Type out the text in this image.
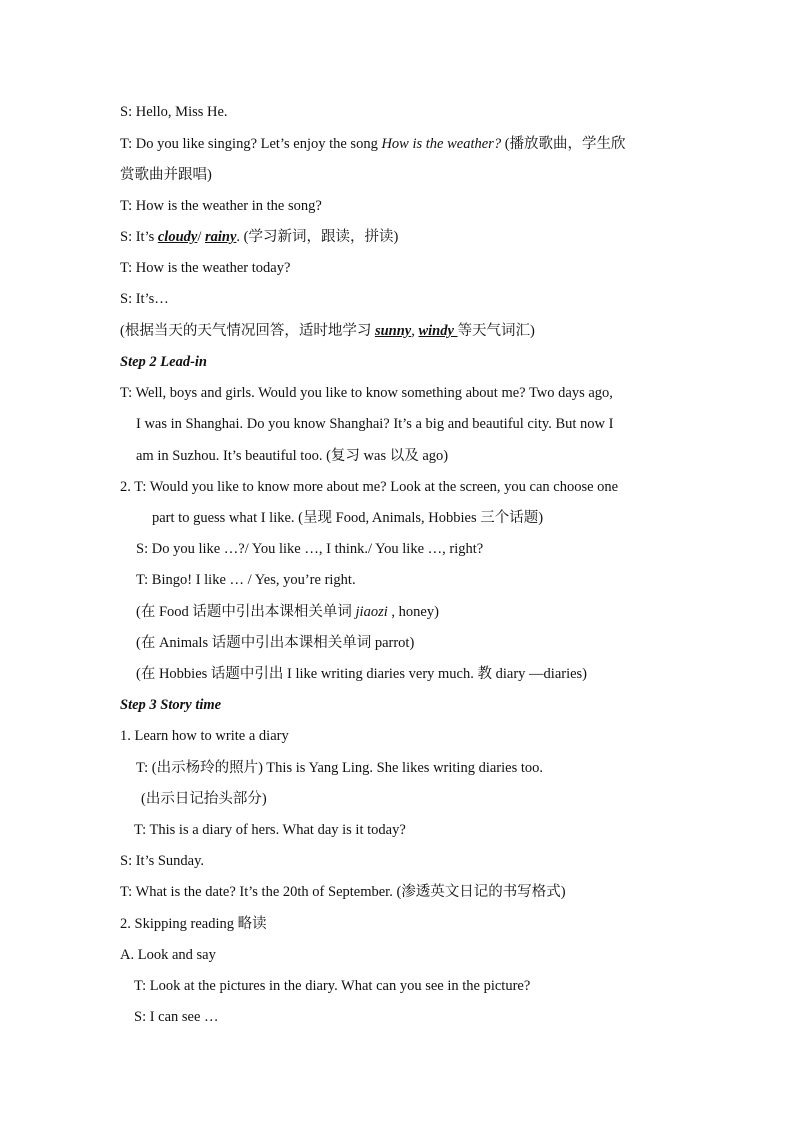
S: Hello, Miss He.
T: Do you like singing? Let’s enjoy the song How is the weather? (播放歌曲，学生欣
赏歌曲并跟唱)
T: How is the weather in the song?
S: It’s cloudy/ rainy. (学习新词，跟读，拼读)
T: How is the weather today?
S: It’s…
(根据当天的天气情况回答，适时地学习 sunny, windy 等天气词汇)
Step 2 Lead-in
T: Well, boys and girls. Would you like to know something about me? Two days ago,
I was in Shanghai. Do you know Shanghai? It’s a big and beautiful city. But now I
am in Suzhou. It’s beautiful too. (复习 was 以及 ago)
2. T: Would you like to know more about me? Look at the screen, you can choose one
part to guess what I like. (呈现 Food, Animals, Hobbies 三个话题)
S: Do you like …?/ You like …, I think./ You like …, right?
T: Bingo! I like … / Yes, you’re right.
(在 Food 话题中引出本课相关单词 jiaozi , honey)
(在 Animals 话题中引出本课相关单词 parrot)
(在 Hobbies 话题中引出 I like writing diaries very much. 教 diary —diaries)
Step 3 Story time
1. Learn how to write a diary
T: (出示杨玲的照片) This is Yang Ling. She likes writing diaries too.
(出示日记抬头部分)
T: This is a diary of hers. What day is it today?
S: It’s Sunday.
T: What is the date? It’s the 20th of September. (渗透英文日记的书写格式)
2. Skipping reading 略读
A. Look and say
T: Look at the pictures in the diary. What can you see in the picture?
S: I can see …
